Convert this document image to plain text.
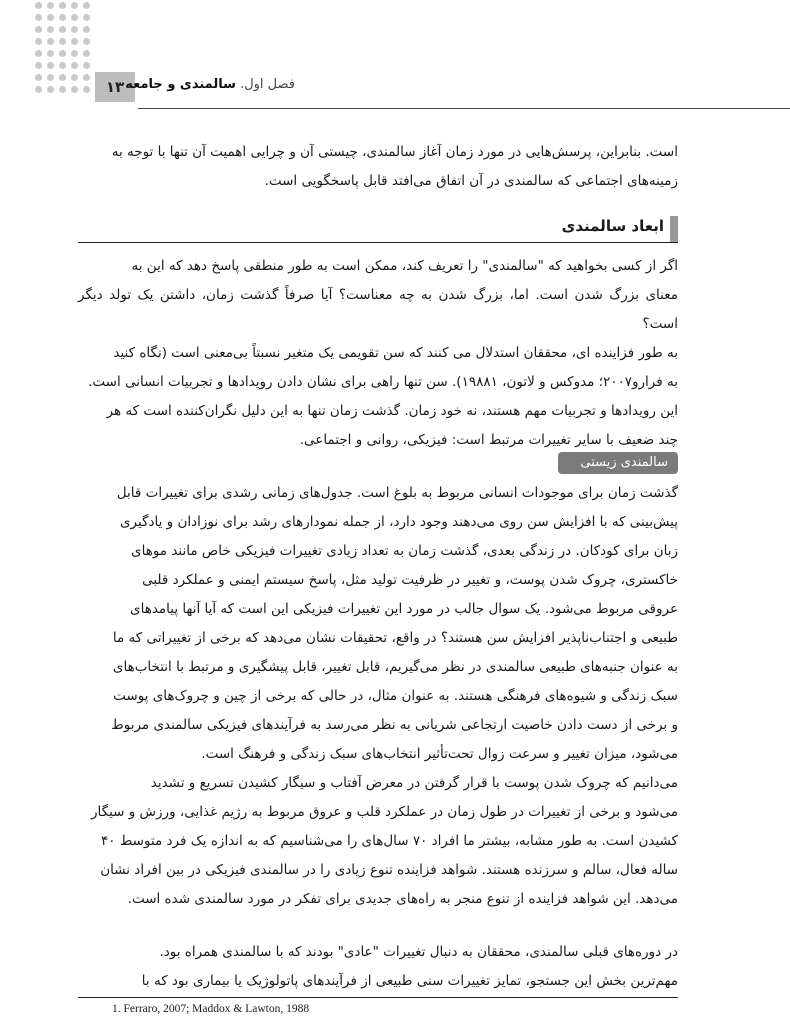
۱۳	فصل اول. سالمندی و جامعه
است. بنابراین، پرسش‌هایی در مورد زمان آغاز سالمندی، چیستی آن و چرایی اهمیت آن تنها با توجه به
زمینه‌های اجتماعی که سالمندی در آن اتفاق می‌افتد قابل پاسخگویی است.
ابعاد سالمندی
اگر از کسی بخواهید که "سالمندی" را تعریف کند، ممکن است به طور منطقی پاسخ دهد که این به
معنای بزرگ شدن است. اما، بزرگ شدن به چه معناست؟ آیا صرفاً گذشت زمان، داشتن یک تولد دیگر است؟
به طور فزاینده ای، محققان استدلال می کنند که سن تقویمی یک متغیر نسبتاً بی‌معنی است (نگاه کنید
به فرارو۲۰۰۷؛ مدوکس و لاتون، ۱۹۸۸۱). سن تنها راهی برای نشان دادن رویدادها و تجربیات انسانی است.
این رویدادها و تجربیات مهم هستند، نه خود زمان. گذشت زمان تنها به این دلیل نگران‌کننده است که هر
چند ضعیف با سایر تغییرات مرتبط است: فیزیکی، روانی و اجتماعی.
سالمندی زیستی
گذشت زمان برای موجودات انسانی مربوط به بلوغ است. جدول‌های زمانی رشدی برای تغییرات قابل
پیش‌بینی که با افزایش سن روی می‌دهند وجود دارد، از جمله نمودارهای رشد برای نوزادان و یادگیری
زبان برای کودکان. در زندگی بعدی، گذشت زمان به تعداد زیادی تغییرات فیزیکی خاص مانند موهای
خاکستری، چروک شدن پوست، و تغییر در ظرفیت تولید مثل، پاسخ سیستم ایمنی و عملکرد قلبی
عروقی مربوط می‌شود. یک سوال جالب در مورد این تغییرات فیزیکی این است که آیا آنها پیامدهای
طبیعی و اجتناب‌ناپذیر افزایش سن هستند؟ در واقع، تحقیقات نشان می‌دهد که برخی از تغییراتی که ما
به عنوان جنبه‌های طبیعی سالمندی در نظر می‌گیریم، قابل تغییر، قابل پیشگیری و مرتبط با انتخاب‌های
سبک زندگی و شیوه‌های فرهنگی هستند. به عنوان مثال، در حالی که برخی از چین و چروک‌های پوست
و برخی از دست دادن خاصیت ارتجاعی شریانی به نظر می‌رسد به فرآیندهای فیزیکی سالمندی مربوط
می‌شود، میزان تغییر و سرعت زوال تحت‌تأثیر انتخاب‌های سبک زندگی و فرهنگ است.
می‌دانیم که چروک شدن پوست با قرار گرفتن در معرض آفتاب و سیگار کشیدن تسریع و تشدید
می‌شود و برخی از تغییرات در طول زمان در عملکرد قلب و عروق مربوط به رژیم غذایی، ورزش و سیگار
کشیدن است. به طور مشابه، بیشتر ما افراد ۷۰ سال‌های را می‌شناسیم که به اندازه یک فرد متوسط ۴۰
ساله فعال، سالم و سرزنده هستند. شواهد فزاینده تنوع زیادی را در سالمندی فیزیکی در بین افراد نشان
می‌دهد. این شواهد فزاینده از تنوع منجر به راه‌های جدیدی برای تفکر در مورد سالمندی شده است.
در دوره‌های قبلی سالمندی، محققان به دنبال تغییرات "عادی" بودند که با سالمندی همراه بود.
مهم‌ترین بخش این جستجو، تمایز تغییرات سنی طبیعی از فرآیندهای پاتولوژیک یا بیماری بود که با
1. Ferraro, 2007; Maddox & Lawton, 1988
